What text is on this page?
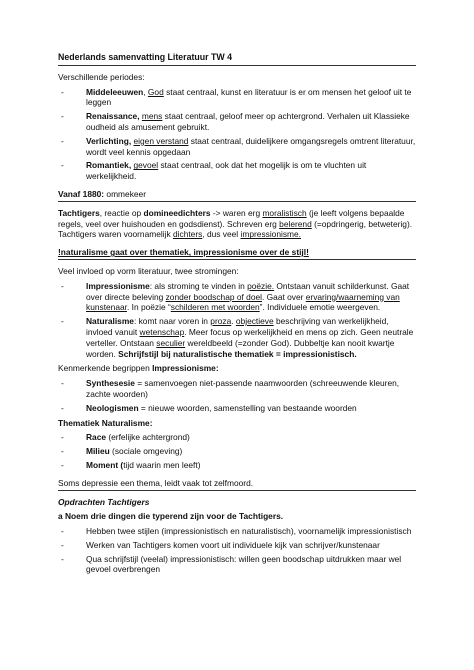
Nederlands samenvatting Literatuur TW 4
Verschillende periodes:
- Middeleeuwen, God staat centraal, kunst en literatuur is er om mensen het geloof uit te leggen
- Renaissance, mens staat centraal, geloof meer op achtergrond. Verhalen uit Klassieke oudheid als amusement gebruikt.
- Verlichting, eigen verstand staat centraal, duidelijkere omgangsregels omtrent literatuur, wordt veel kennis opgedaan
- Romantiek, gevoel staat centraal, ook dat het mogelijk is om te vluchten uit werkelijkheid.
Vanaf 1880: ommekeer
Tachtigers, reactie op domineedichters -> waren erg moralistisch (je leeft volgens bepaalde regels, veel over huishouden en godsdienst). Schreven erg belerend (=opdringerig, betweterig). Tachtigers waren voornamelijk dichters, dus veel impressionisme.
!naturalisme gaat over thematiek, impressionisme over de stijl!
Veel invloed op vorm literatuur, twee stromingen:
- Impressionisme: als stroming te vinden in poëzie. Ontstaan vanuit schilderkunst. Gaat over directe beleving zonder boodschap of doel. Gaat over ervaring/waarneming van kunstenaar. In poëzie “schilderen met woorden”. Individuele emotie weergeven.
- Naturalisme: komt naar voren in proza. objectieve beschrijving van werkelijkheid, invloed vanuit wetenschap. Meer focus op werkelijkheid en mens op zich. Geen neutrale verteller. Ontstaan seculier wereldbeeld (=zonder God). Dubbeltje kan nooit kwartje worden. Schrijfstijl bij naturalistische thematiek = impressionistisch.
Kenmerkende begrippen Impressionisme:
- Synthesesie = samenvoegen niet-passende naamwoorden (schreeuwende kleuren, zachte woorden)
- Neologismen = nieuwe woorden, samenstelling van bestaande woorden
Thematiek Naturalisme:
- Race (erfelijke achtergrond)
- Milieu (sociale omgeving)
- Moment (tijd waarin men leeft)
Soms depressie een thema, leidt vaak tot zelfmoord.
Opdrachten Tachtigers
a Noem drie dingen die typerend zijn voor de Tachtigers.
- Hebben twee stijlen (impressionistisch en naturalistisch), voornamelijk impressionistisch
- Werken van Tachtigers komen voort uit individuele kijk van schrijver/kunstenaar
- Qua schrijfstijl (veelal) impressionistisch: willen geen boodschap uitdrukken maar wel gevoel overbrengen
